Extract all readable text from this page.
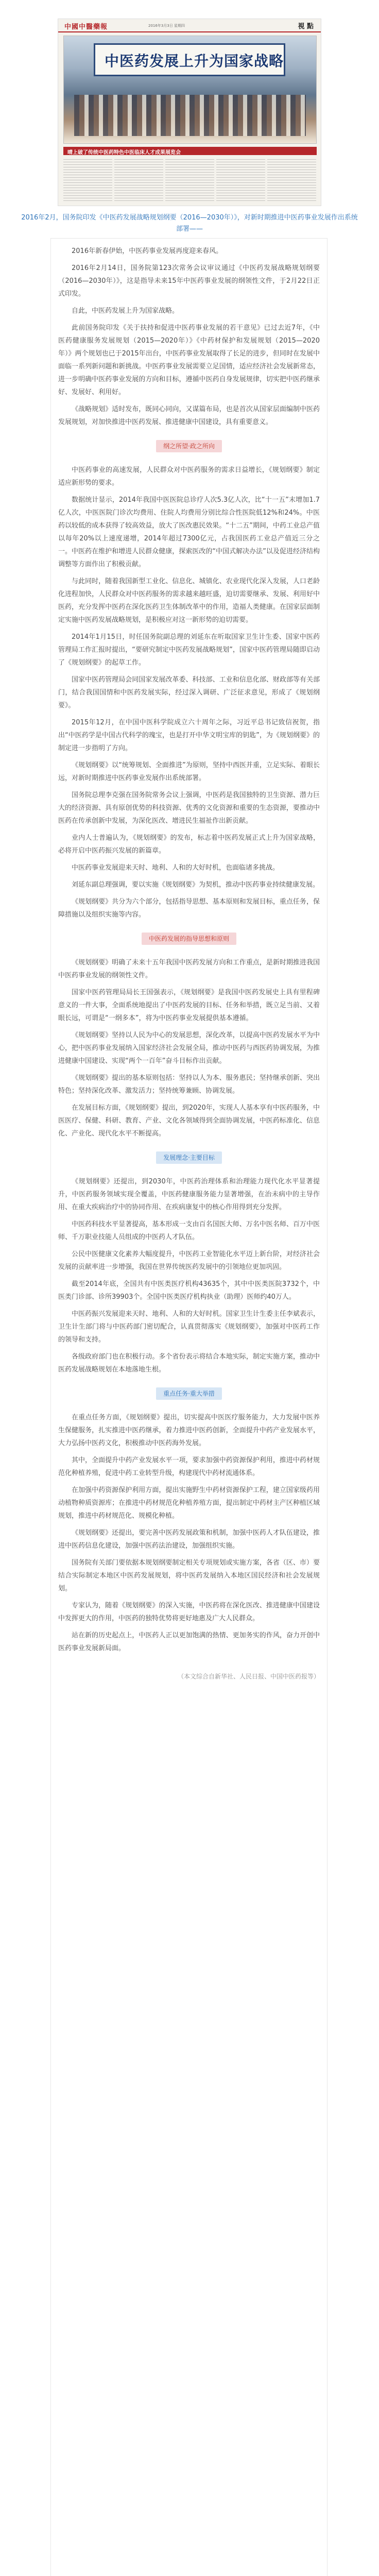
中國中醫藥報	2016年3月3日 星期四	視 點
中医药发展上升为国家战略
晴上破了传统中医药特色中医临床人才成果展览会

2016年2月，国务院印发《中医药发展战略规划纲要（2016—2030年）》，对新时期推进中医药事业发展作出系统部署——

2016年新春伊始，中医药事业发展再度迎来春风。

2016年2月14日，国务院第123次常务会议审议通过《中医药发展战略规划纲要（2016—2030年）》，这是指导未来15年中医药事业发展的纲领性文件，于2月22日正式印发。

自此，中医药发展上升为国家战略。

此前国务院印发《关于扶持和促进中医药事业发展的若干意见》已过去近7年，《中医药健康服务发展规划（2015—2020年）》《中药材保护和发展规划（2015—2020年）》两个规划也已于2015年出台，中医药事业发展取得了长足的进步，但同时在发展中面临一系列新问题和新挑战。中医药事业发展需要立足国情，适应经济社会发展新常态，进一步明确中医药事业发展的方向和目标，遵循中医药自身发展规律，切实把中医药继承好、发展好、利用好。

《战略规划》适时发布，既同心同向，又谋篇布局，也是首次从国家层面编制中医药发展规划，对加快推进中医药发展、推进健康中国建设，具有重要意义。

纲之所望·政之所向

中医药事业的高速发展，人民群众对中医药服务的需求日益增长，《规划纲要》制定适应新形势的要求。

数据统计显示，2014年我国中医医院总诊疗人次5.3亿人次，比“十一五”末增加1.7亿人次，中医医院门诊次均费用、住院人均费用分别比综合性医院低12%和24%。中医药以较低的成本获得了较高效益，放大了医改惠民效果。“十二五”期间，中药工业总产值以每年20%以上速度递增，2014年超过7300亿元，占我国医药工业总产值近三分之一。中医药在维护和增进人民群众健康，探索医改的“中国式解决办法”以及促进经济结构调整等方面作出了积极贡献。

与此同时，随着我国新型工业化、信息化、城镇化、农业现代化深入发展，人口老龄化进程加快，人民群众对中医药服务的需求越来越旺盛，迫切需要继承、发展、利用好中医药，充分发挥中医药在深化医药卫生体制改革中的作用，造福人类健康。在国家层面制定实施中医药发展战略规划，是积极应对这一新形势的迫切需要。

2014年1月15日，时任国务院副总理的刘延东在听取国家卫生计生委、国家中医药管理局工作汇报时提出，“要研究制定中医药发展战略规划”，国家中医药管理局随即启动了《规划纲要》的起草工作。

国家中医药管理局会同国家发展改革委、科技部、工业和信息化部、财政部等有关部门，结合我国国情和中医药发展实际，经过深入调研、广泛征求意见，形成了《规划纲要》。

2015年12月，在中国中医科学院成立六十周年之际，习近平总书记致信祝贺，指出“中医药学是中国古代科学的瑰宝，也是打开中华文明宝库的钥匙”，为《规划纲要》的制定进一步指明了方向。

《规划纲要》以“统筹规划、全面推进”为原则，坚持中西医并重，立足实际、着眼长远，对新时期推进中医药事业发展作出系统部署。

国务院总理李克强在国务院常务会议上强调，中医药是我国独特的卫生资源、潜力巨大的经济资源、具有原创优势的科技资源、优秀的文化资源和重要的生态资源，要推动中医药在传承创新中发展，为深化医改、增进民生福祉作出新贡献。

业内人士普遍认为，《规划纲要》的发布，标志着中医药发展正式上升为国家战略，必将开启中医药振兴发展的新篇章。

中医药事业发展迎来天时、地利、人和的大好时机，也面临诸多挑战。

刘延东副总理强调，要以实施《规划纲要》为契机，推动中医药事业持续健康发展。

《规划纲要》共分为六个部分，包括指导思想、基本原则和发展目标，重点任务，保障措施以及组织实施等内容。

中医药发展的指导思想和原则

《规划纲要》明确了未来十五年我国中医药发展方向和工作重点，是新时期推进我国中医药事业发展的纲领性文件。

国家中医药管理局局长王国强表示，《规划纲要》是我国中医药发展史上具有里程碑意义的一件大事，全面系统地提出了中医药发展的目标、任务和举措，既立足当前、又着眼长远，可谓是“一纲多本”，将为中医药事业发展提供基本遵循。

《规划纲要》坚持以人民为中心的发展思想，深化改革，以提高中医药发展水平为中心，把中医药事业发展纳入国家经济社会发展全局，推动中医药与西医药协调发展，为推进健康中国建设、实现“两个一百年”奋斗目标作出贡献。

《规划纲要》提出的基本原则包括：坚持以人为本、服务惠民；坚持继承创新、突出特色；坚持深化改革、激发活力；坚持统筹兼顾、协调发展。

在发展目标方面，《规划纲要》提出，到2020年，实现人人基本享有中医药服务，中医医疗、保健、科研、教育、产业、文化各领域得到全面协调发展，中医药标准化、信息化、产业化、现代化水平不断提高。

发展理念·主要目标

《规划纲要》还提出，到2030年，中医药治理体系和治理能力现代化水平显著提升，中医药服务领域实现全覆盖，中医药健康服务能力显著增强，在治未病中的主导作用、在重大疾病治疗中的协同作用、在疾病康复中的核心作用得到充分发挥。

中医药科技水平显著提高，基本形成一支由百名国医大师、万名中医名师、百万中医师、千万职业技能人员组成的中医药人才队伍。

公民中医健康文化素养大幅度提升，中医药工业智能化水平迈上新台阶，对经济社会发展的贡献率进一步增强，我国在世界传统医药发展中的引领地位更加巩固。

截至2014年底，全国共有中医类医疗机构43635个，其中中医类医院3732个，中医类门诊部、诊所39903个。全国中医类医疗机构执业（助理）医师约40万人。

中医药振兴发展迎来天时、地利、人和的大好时机。国家卫生计生委主任李斌表示，卫生计生部门将与中医药部门密切配合，认真贯彻落实《规划纲要》，加强对中医药工作的领导和支持。

各级政府部门也在积极行动。多个省份表示将结合本地实际，制定实施方案，推动中医药发展战略规划在本地落地生根。

重点任务·重大举措

在重点任务方面，《规划纲要》提出，切实提高中医医疗服务能力，大力发展中医养生保健服务，扎实推进中医药继承，着力推进中医药创新，全面提升中药产业发展水平，大力弘扬中医药文化，积极推动中医药海外发展。

其中，全面提升中药产业发展水平一项，要求加强中药资源保护利用，推进中药材规范化种植养殖，促进中药工业转型升级，构建现代中药材流通体系。

在加强中药资源保护利用方面，提出实施野生中药材资源保护工程，建立国家级药用动植物种质资源库；在推进中药材规范化种植养殖方面，提出制定中药材主产区种植区域规划，推进中药材规范化、规模化种植。

《规划纲要》还提出，要完善中医药发展政策和机制，加强中医药人才队伍建设，推进中医药信息化建设，加强中医药法治建设，加强组织实施。

国务院有关部门要依据本规划纲要制定相关专项规划或实施方案，各省（区、市）要结合实际制定本地区中医药发展规划，将中医药发展纳入本地区国民经济和社会发展规划。

专家认为，随着《规划纲要》的深入实施，中医药将在深化医改、推进健康中国建设中发挥更大的作用，中医药的独特优势将更好地惠及广大人民群众。

站在新的历史起点上，中医药人正以更加饱满的热情、更加务实的作风，奋力开创中医药事业发展新局面。

（本文综合自新华社、人民日报、中国中医药报等）
